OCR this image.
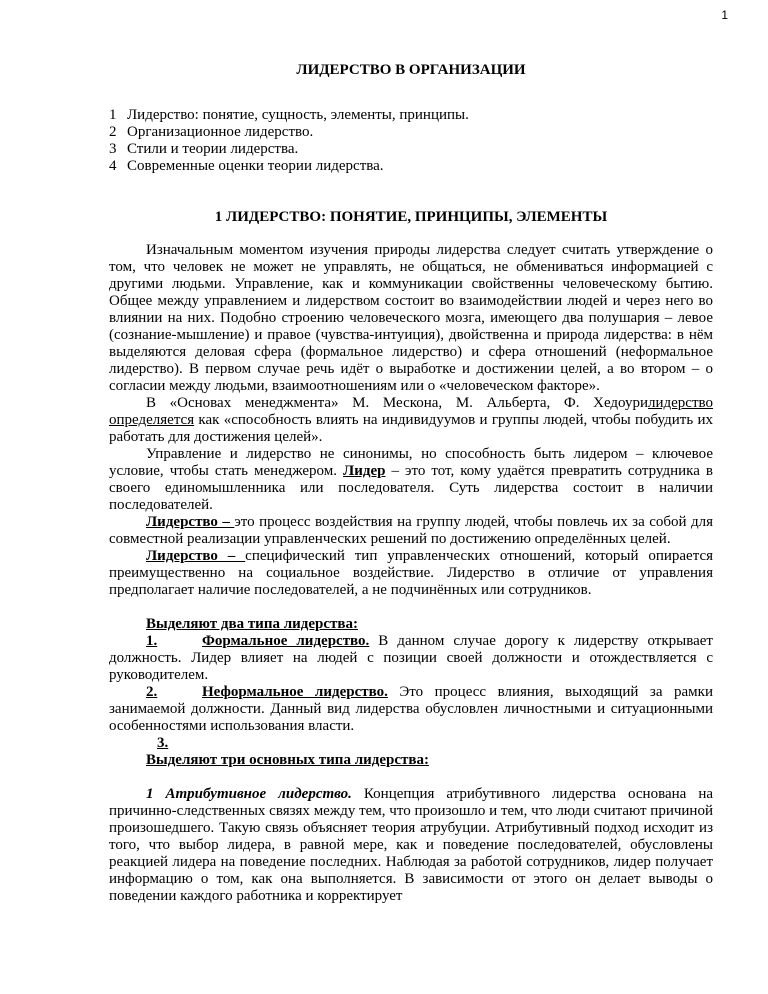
1

ЛИДЕРСТВО В ОРГАНИЗАЦИИ

1 Лидерство: понятие, сущность, элементы, принципы.
2 Организационное лидерство.
3 Стили и теории лидерства.
4 Современные оценки теории лидерства.

1 ЛИДЕРСТВО: ПОНЯТИЕ, ПРИНЦИПЫ, ЭЛЕМЕНТЫ

Изначальным моментом изучения природы лидерства следует считать утверждение о том, что человек не может не управлять, не общаться, не обмениваться информацией с другими людьми. Управление, как и коммуникации свойственны человеческому бытию. Общее между управлением и лидерством состоит во взаимодействии людей и через него во влиянии на них. Подобно строению человеческого мозга, имеющего два полушария – левое (сознание-мышление) и правое (чувства-интуиция), двойственна и природа лидерства: в нём выделяются деловая сфера (формальное лидерство) и сфера отношений (неформальное лидерство). В первом случае речь идёт о выработке и достижении целей, а во втором – о согласии между людьми, взаимоотношениям или о «человеческом факторе».

В «Основах менеджмента» М. Мескона, М. Альберта, Ф. Хедоурилидерство определяется как «способность влиять на индивидуумов и группы людей, чтобы побудить их работать для достижения целей».

Управление и лидерство не синонимы, но способность быть лидером – ключевое условие, чтобы стать менеджером. Лидер – это тот, кому удаётся превратить сотрудника в своего единомышленника или последователя. Суть лидерства состоит в наличии последователей.

Лидерство – это процесс воздействия на группу людей, чтобы повлечь их за собой для совместной реализации управленческих решений по достижению определённых целей.

Лидерство – специфический тип управленческих отношений, который опирается преимущественно на социальное воздействие. Лидерство в отличие от управления предполагает наличие последователей, а не подчинённых или сотрудников.

Выделяют два типа лидерства:

1.	Формальное лидерство. В данном случае дорогу к лидерству открывает должность. Лидер влияет на людей с позиции своей должности и отождествляется с руководителем.

2.	Неформальное лидерство. Это процесс влияния, выходящий за рамки занимаемой должности. Данный вид лидерства обусловлен личностными и ситуационными особенностями использования власти.

3.

Выделяют три основных типа лидерства:

1 Атрибутивное лидерство. Концепция атрибутивного лидерства основана на причинно-следственных связях между тем, что произошло и тем, что люди считают причиной произошедшего. Такую связь объясняет теория атрубуции. Атрибутивный подход исходит из того, что выбор лидера, в равной мере, как и поведение последователей, обусловлены реакцией лидера на поведение последних. Наблюдая за работой сотрудников, лидер получает информацию о том, как она выполняется. В зависимости от этого он делает выводы о поведении каждого работника и корректирует
